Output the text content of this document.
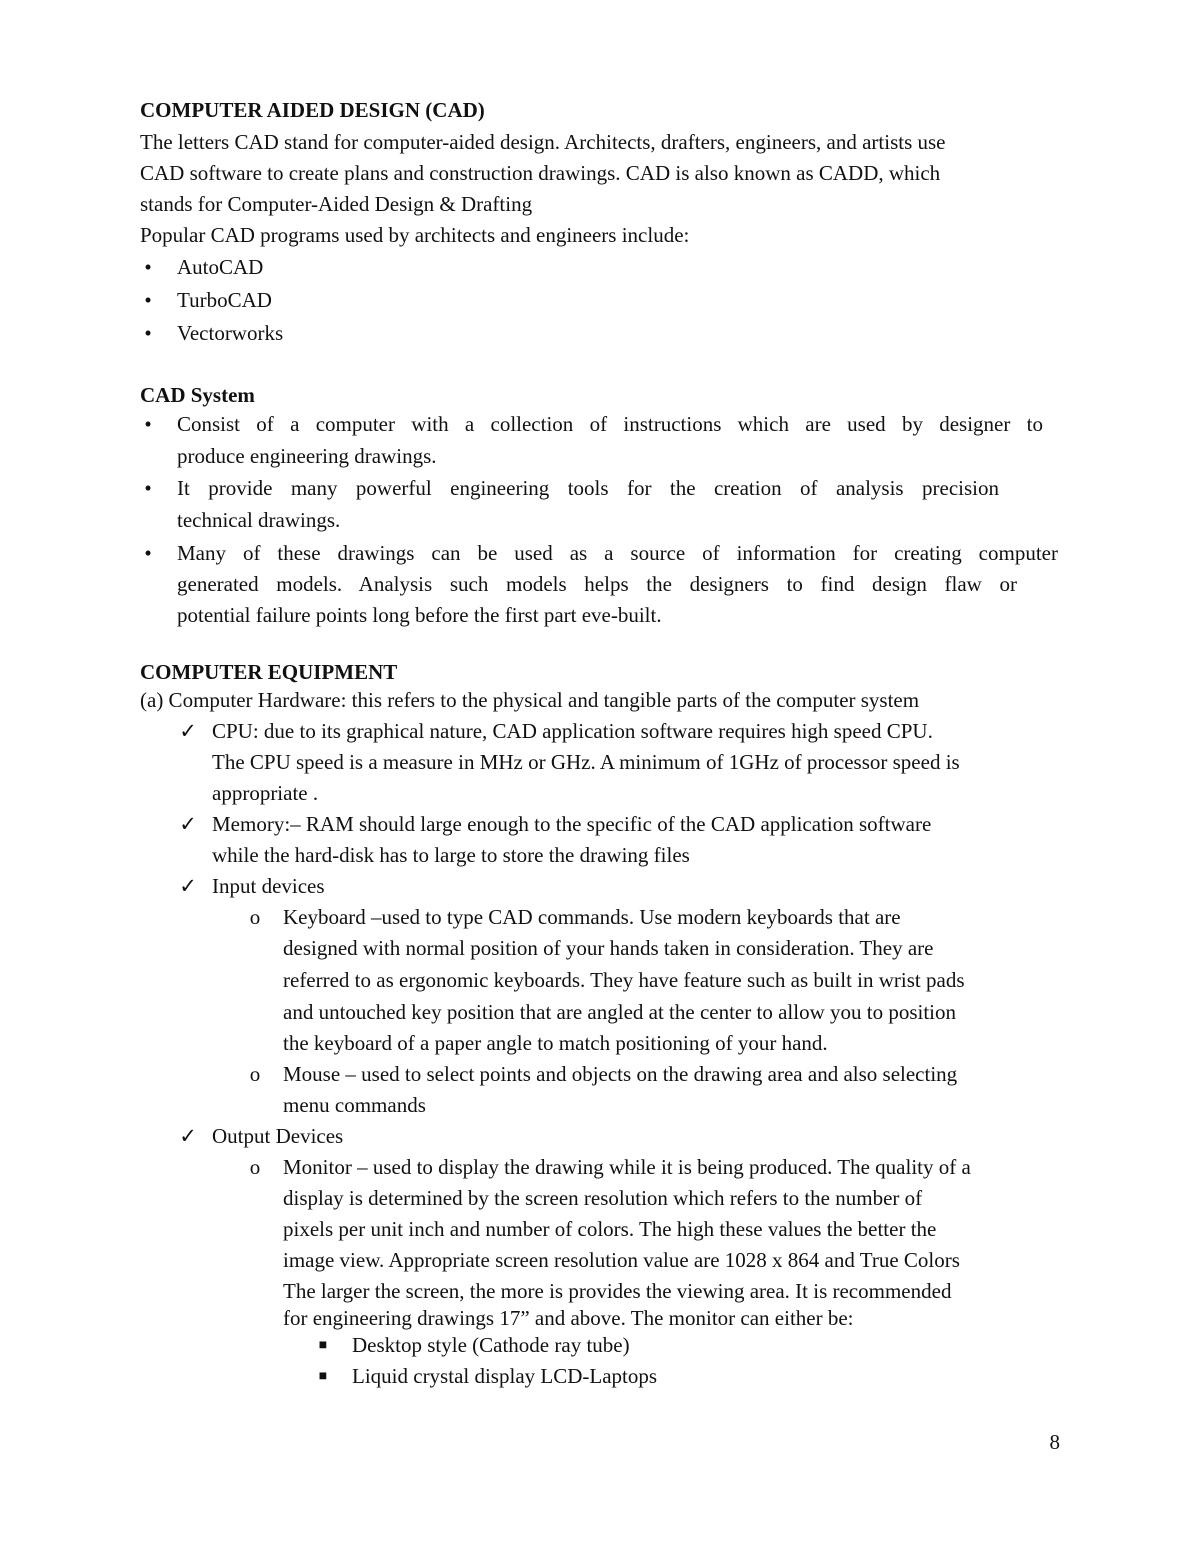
COMPUTER AIDED DESIGN (CAD)
The letters CAD stand for computer-aided design. Architects, drafters, engineers, and artists use
CAD software to create plans and construction drawings. CAD is also known as CADD, which
stands for Computer-Aided Design & Drafting
Popular CAD programs used by architects and engineers include:
• AutoCAD
• TurboCAD
• Vectorworks
CAD System
• Consist of a computer with a collection of instructions which are used by designer to
produce engineering drawings.
• It provide many powerful engineering tools for the creation of analysis precision
technical drawings.
• Many of these drawings can be used as a source of information for creating computer
generated models. Analysis such models helps the designers to find design flaw or
potential failure points long before the first part eve-built.
COMPUTER EQUIPMENT
(a) Computer Hardware: this refers to the physical and tangible parts of the computer system
✓ CPU: due to its graphical nature, CAD application software requires high speed CPU.
The CPU speed is a measure in MHz or GHz. A minimum of 1GHz of processor speed is
appropriate .
✓ Memory:– RAM should large enough to the specific of the CAD application software
while the hard-disk has to large to store the drawing files
✓ Input devices
o Keyboard –used to type CAD commands. Use modern keyboards that are
designed with normal position of your hands taken in consideration. They are
referred to as ergonomic keyboards. They have feature such as built in wrist pads
and untouched key position that are angled at the center to allow you to position
the keyboard of a paper angle to match positioning of your hand.
o Mouse – used to select points and objects on the drawing area and also selecting
menu commands
✓ Output Devices
o Monitor – used to display the drawing while it is being produced. The quality of a
display is determined by the screen resolution which refers to the number of
pixels per unit inch and number of colors. The high these values the better the
image view. Appropriate screen resolution value are 1028 x 864 and True Colors
The larger the screen, the more is provides the viewing area. It is recommended
for engineering drawings 17” and above. The monitor can either be:
■ Desktop style (Cathode ray tube)
■ Liquid crystal display LCD-Laptops
8
